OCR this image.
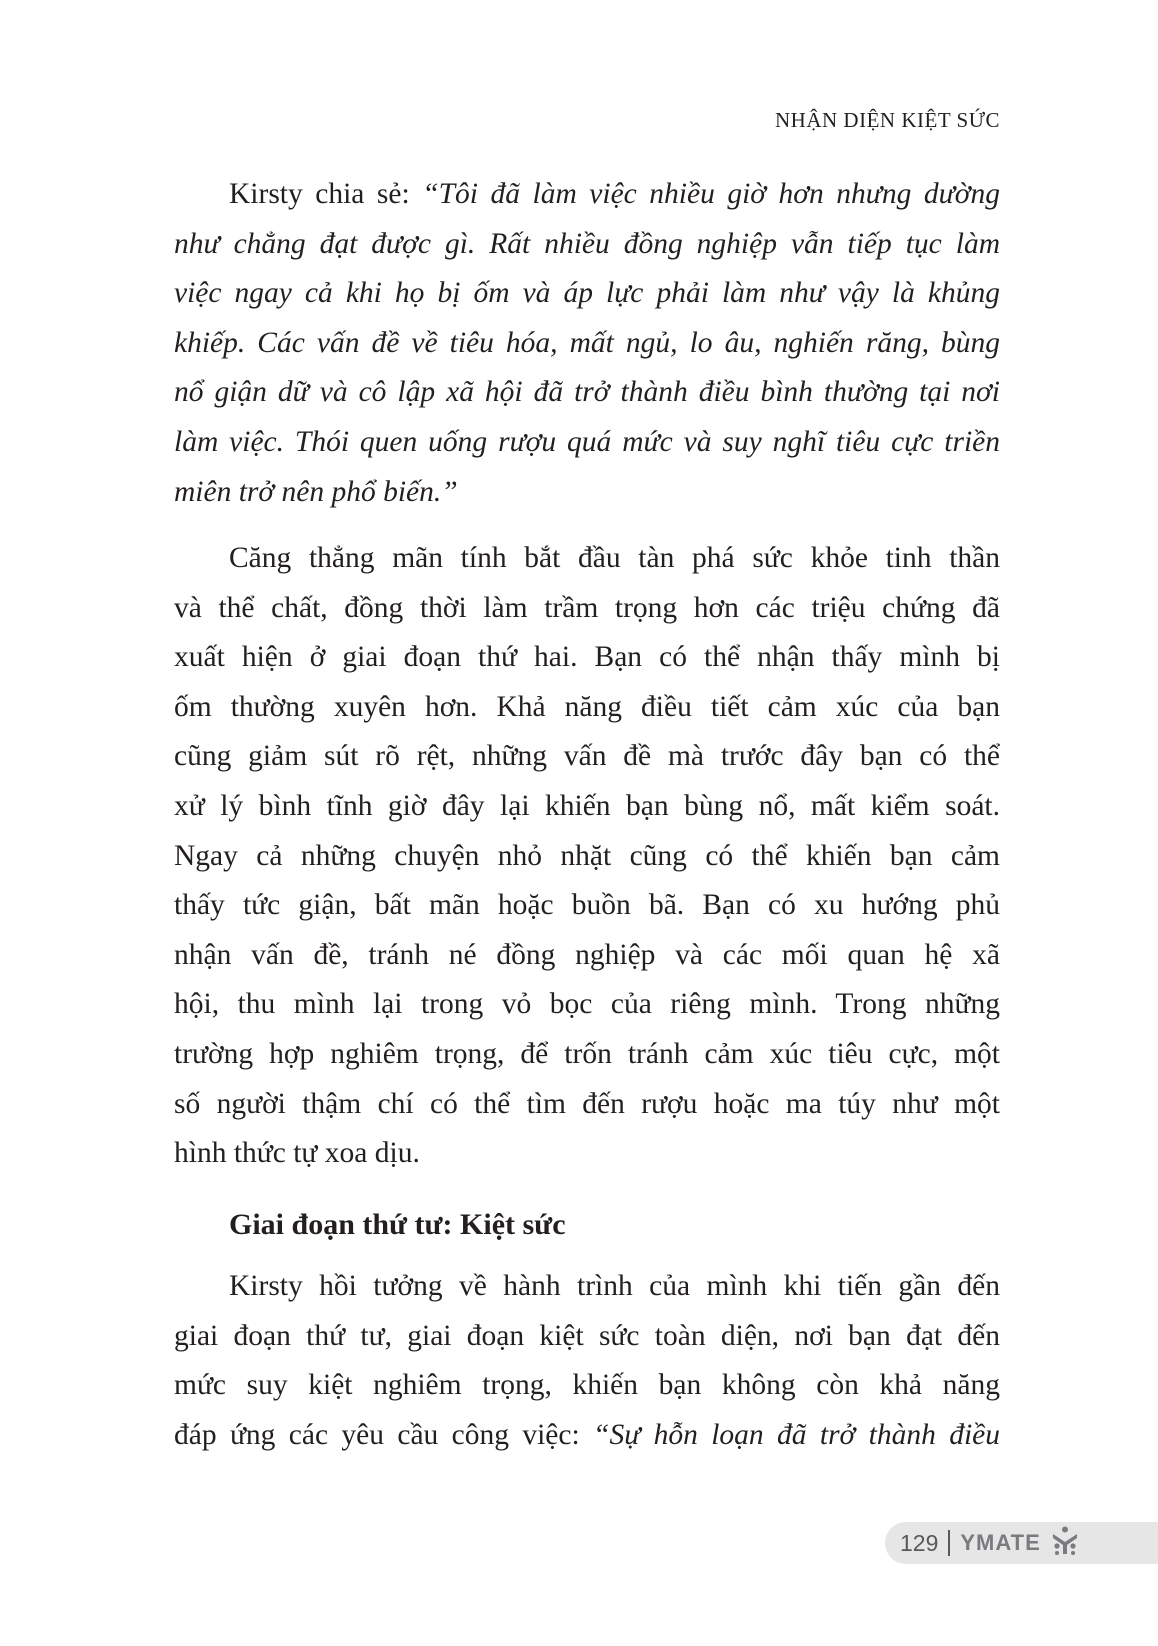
NHẬN DIỆN KIỆT SỨC
Kirsty chia sẻ: “Tôi đã làm việc nhiều giờ hơn nhưng dường
như chẳng đạt được gì. Rất nhiều đồng nghiệp vẫn tiếp tục làm
việc ngay cả khi họ bị ốm và áp lực phải làm như vậy là khủng
khiếp. Các vấn đề về tiêu hóa, mất ngủ, lo âu, nghiến răng, bùng
nổ giận dữ và cô lập xã hội đã trở thành điều bình thường tại nơi
làm việc. Thói quen uống rượu quá mức và suy nghĩ tiêu cực triền
miên trở nên phổ biến.”
Căng thẳng mãn tính bắt đầu tàn phá sức khỏe tinh thần
và thể chất, đồng thời làm trầm trọng hơn các triệu chứng đã
xuất hiện ở giai đoạn thứ hai. Bạn có thể nhận thấy mình bị
ốm thường xuyên hơn. Khả năng điều tiết cảm xúc của bạn
cũng giảm sút rõ rệt, những vấn đề mà trước đây bạn có thể
xử lý bình tĩnh giờ đây lại khiến bạn bùng nổ, mất kiểm soát.
Ngay cả những chuyện nhỏ nhặt cũng có thể khiến bạn cảm
thấy tức giận, bất mãn hoặc buồn bã. Bạn có xu hướng phủ
nhận vấn đề, tránh né đồng nghiệp và các mối quan hệ xã
hội, thu mình lại trong vỏ bọc của riêng mình. Trong những
trường hợp nghiêm trọng, để trốn tránh cảm xúc tiêu cực, một
số người thậm chí có thể tìm đến rượu hoặc ma túy như một
hình thức tự xoa dịu.
Giai đoạn thứ tư: Kiệt sức
Kirsty hồi tưởng về hành trình của mình khi tiến gần đến
giai đoạn thứ tư, giai đoạn kiệt sức toàn diện, nơi bạn đạt đến
mức suy kiệt nghiêm trọng, khiến bạn không còn khả năng
đáp ứng các yêu cầu công việc: “Sự hỗn loạn đã trở thành điều
129 YMATE
